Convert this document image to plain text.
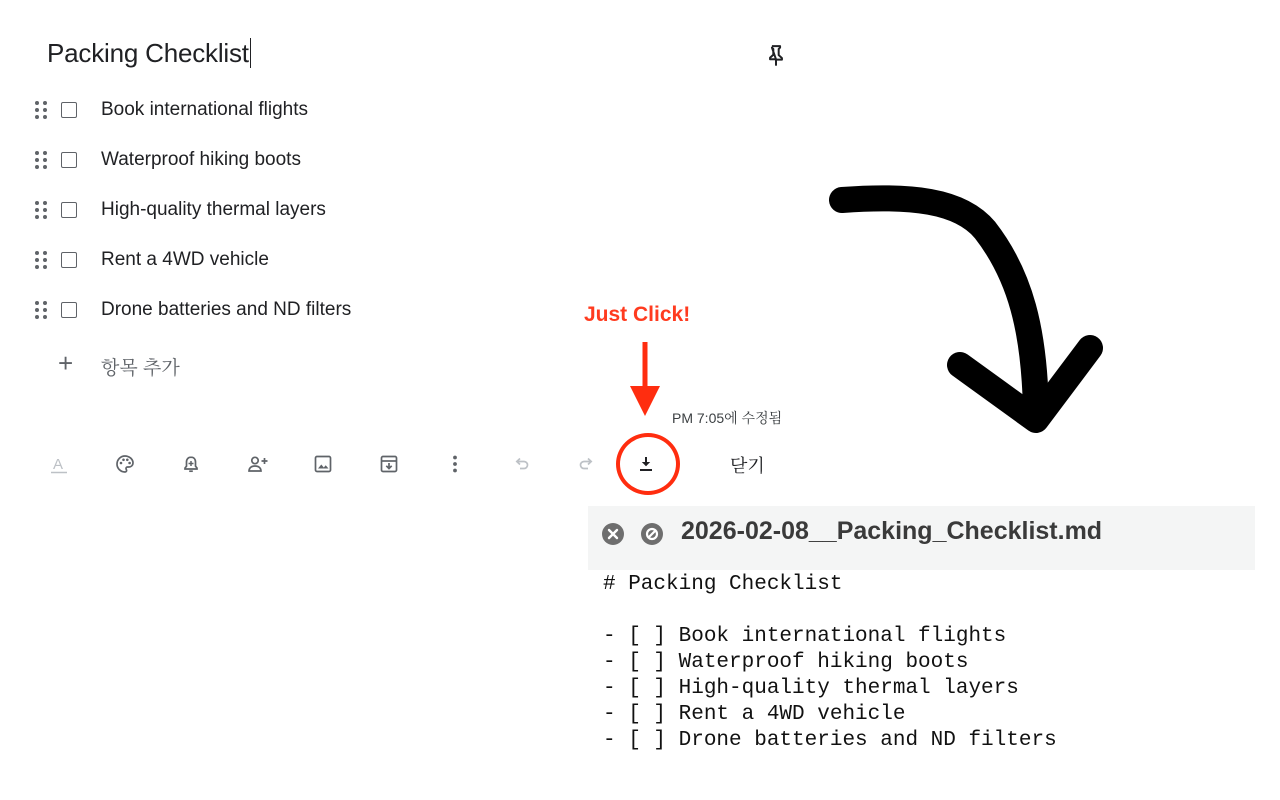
Packing Checklist
Book international flights
Waterproof hiking boots
High-quality thermal layers
Rent a 4WD vehicle
Drone batteries and ND filters
+ 항목 추가
Just Click!
PM 7:05에 수정됨
A	닫기
2026-02-08__Packing_Checklist.md
# Packing Checklist
- [ ] Book international flights
- [ ] Waterproof hiking boots
- [ ] High-quality thermal layers
- [ ] Rent a 4WD vehicle
- [ ] Drone batteries and ND filters
